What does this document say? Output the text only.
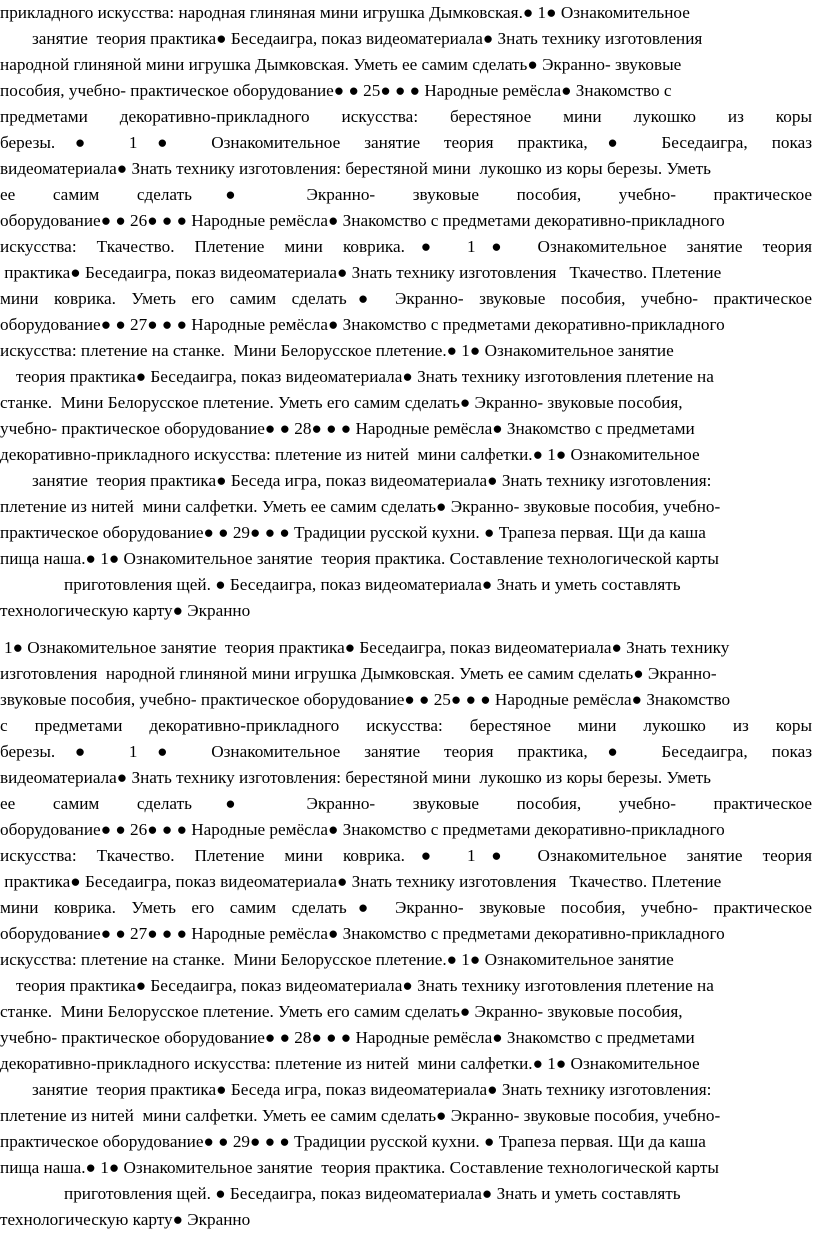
прикладного искусства: народная глиняная мини игрушка Дымковская.● 1● Ознакомительное
занятие  теория практика● Беседаигра, показ видеоматериала● Знать технику изготовления
народной глиняной мини игрушка Дымковская. Уметь ее самим сделать● Экранно- звуковые
пособия, учебно- практическое оборудование● ● 25● ● ● Народные ремёсла● Знакомство с
предметами декоративно-прикладного искусства: берестяное мини лукошко из коры
березы.● 1● Ознакомительное занятие теория практика,● Беседаигра, показ
видеоматериала● Знать технику изготовления: берестяной мини  лукошко из коры березы. Уметь
ее самим сделать● Экранно- звуковые пособия, учебно- практическое
оборудование● ● 26● ● ● Народные ремёсла● Знакомство с предметами декоративно-прикладного
искусства: Ткачество. Плетение мини коврика.● 1● Ознакомительное занятие теория
практика● Беседаигра, показ видеоматериала● Знать технику изготовления   Ткачество. Плетение
мини коврика. Уметь его самим сделать● Экранно- звуковые пособия, учебно- практическое
оборудование● ● 27● ● ● Народные ремёсла● Знакомство с предметами декоративно-прикладного
искусства: плетение на станке.  Мини Белорусское плетение.● 1● Ознакомительное занятие
теория практика● Беседаигра, показ видеоматериала● Знать технику изготовления плетение на
станке.  Мини Белорусское плетение. Уметь его самим сделать● Экранно- звуковые пособия,
учебно- практическое оборудование● ● 28● ● ● Народные ремёсла● Знакомство с предметами
декоративно-прикладного искусства: плетение из нитей  мини салфетки.● 1● Ознакомительное
занятие  теория практика● Беседа игра, показ видеоматериала● Знать технику изготовления:
плетение из нитей  мини салфетки. Уметь ее самим сделать● Экранно- звуковые пособия, учебно-
практическое оборудование● ● 29● ● ● Традиции русской кухни. ● Трапеза первая. Щи да каша
пища наша.● 1● Ознакомительное занятие  теория практика. Составление технологической карты
приготовления щей. ● Беседаигра, показ видеоматериала● Знать и уметь составлять
технологическую карту● Экранно
1● Ознакомительное занятие  теория практика● Беседаигра, показ видеоматериала● Знать технику
изготовления  народной глиняной мини игрушка Дымковская. Уметь ее самим сделать● Экранно-
звуковые пособия, учебно- практическое оборудование● ● 25● ● ● Народные ремёсла● Знакомство
с предметами декоративно-прикладного искусства: берестяное мини лукошко из коры
березы.● 1● Ознакомительное занятие теория практика,● Беседаигра, показ
видеоматериала● Знать технику изготовления: берестяной мини  лукошко из коры березы. Уметь
ее самим сделать● Экранно- звуковые пособия, учебно- практическое
оборудование● ● 26● ● ● Народные ремёсла● Знакомство с предметами декоративно-прикладного
искусства: Ткачество. Плетение мини коврика.● 1● Ознакомительное занятие теория
практика● Беседаигра, показ видеоматериала● Знать технику изготовления   Ткачество. Плетение
мини коврика. Уметь его самим сделать● Экранно- звуковые пособия, учебно- практическое
оборудование● ● 27● ● ● Народные ремёсла● Знакомство с предметами декоративно-прикладного
искусства: плетение на станке.  Мини Белорусское плетение.● 1● Ознакомительное занятие
теория практика● Беседаигра, показ видеоматериала● Знать технику изготовления плетение на
станке.  Мини Белорусское плетение. Уметь его самим сделать● Экранно- звуковые пособия,
учебно- практическое оборудование● ● 28● ● ● Народные ремёсла● Знакомство с предметами
декоративно-прикладного искусства: плетение из нитей  мини салфетки.● 1● Ознакомительное
занятие  теория практика● Беседа игра, показ видеоматериала● Знать технику изготовления:
плетение из нитей  мини салфетки. Уметь ее самим сделать● Экранно- звуковые пособия, учебно-
практическое оборудование● ● 29● ● ● Традиции русской кухни. ● Трапеза первая. Щи да каша
пища наша.● 1● Ознакомительное занятие  теория практика. Составление технологической карты
приготовления щей. ● Беседаигра, показ видеоматериала● Знать и уметь составлять
технологическую карту● Экранно
